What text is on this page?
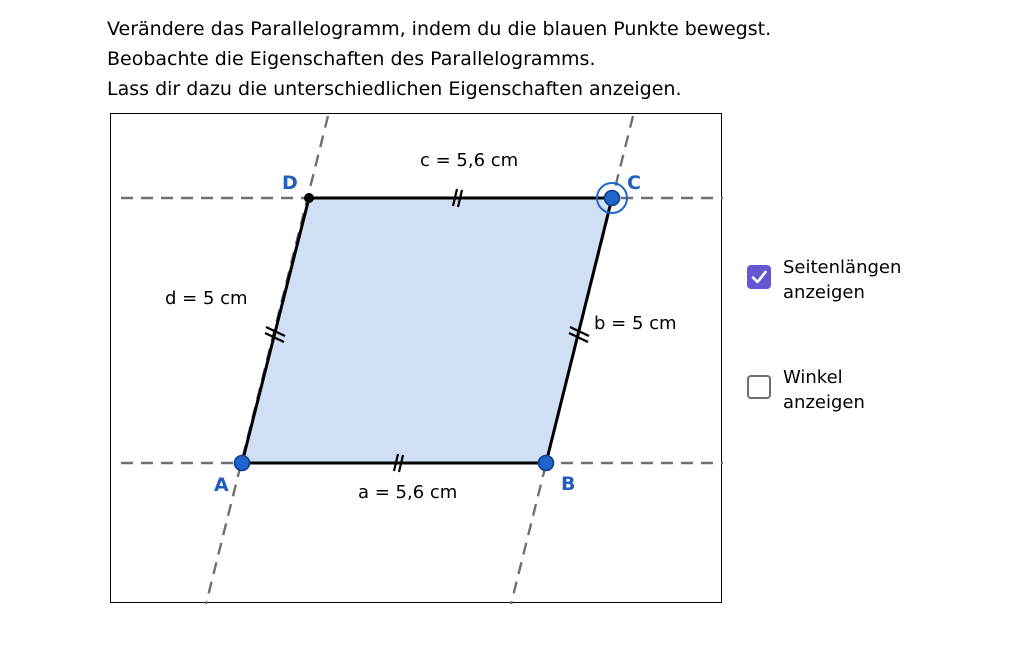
Verändere das Parallelogramm, indem du die blauen Punkte bewegst.
Beobachte die Eigenschaften des Parallelogramms.
Lass dir dazu die unterschiedlichen Eigenschaften anzeigen.
a = 5,6 cm
b = 5 cm
c = 5,6 cm
d = 5 cm
A	B
C
D
Seitenlängen
anzeigen
Winkel
anzeigen
